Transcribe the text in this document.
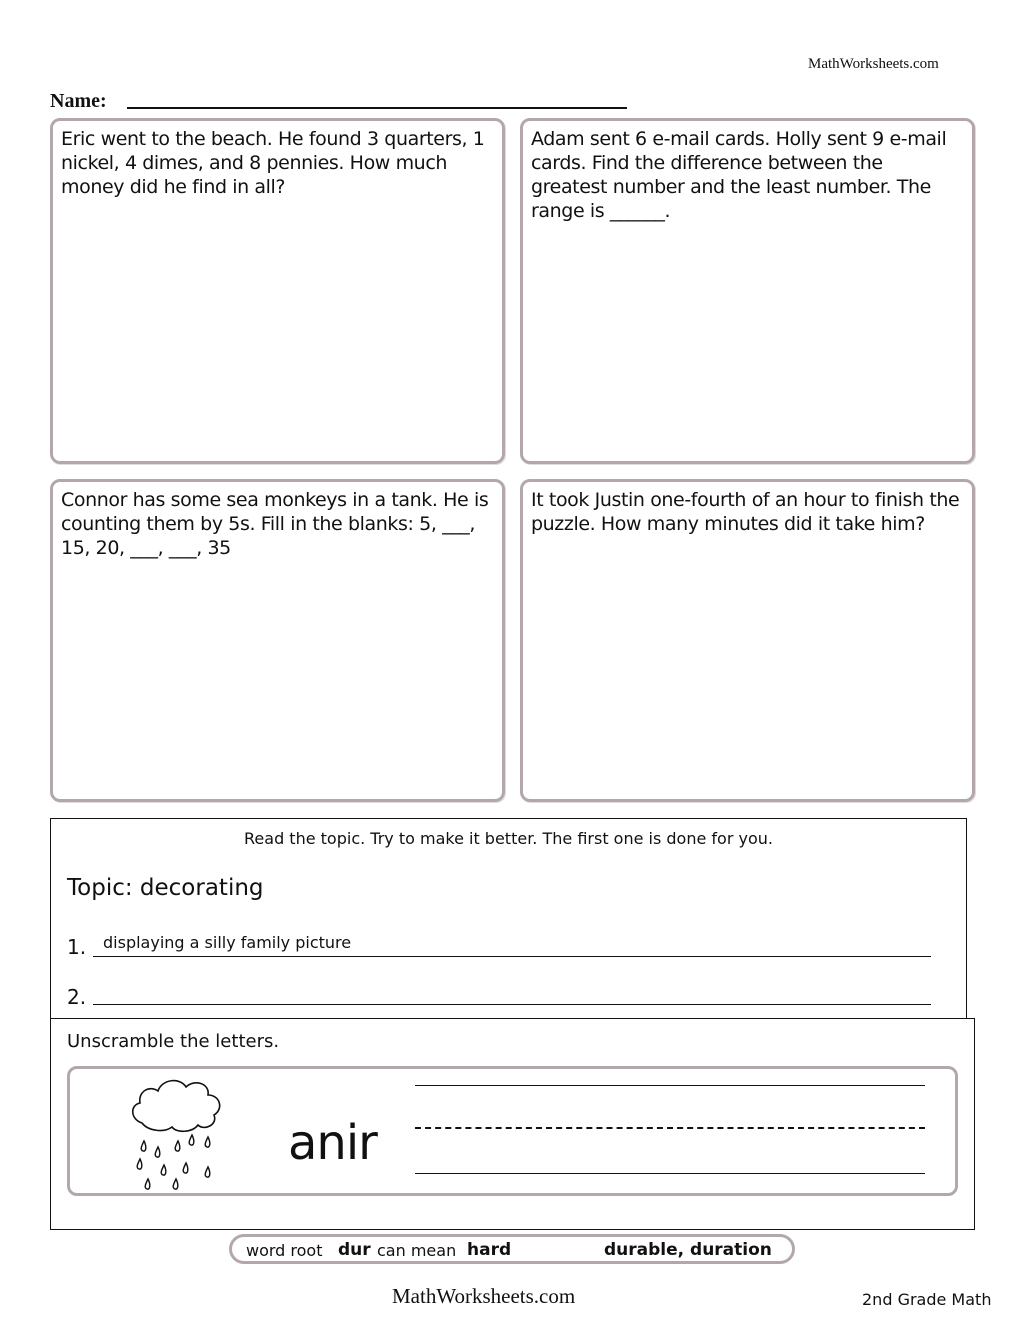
MathWorksheets.com
Name:
Eric went to the beach. He found 3 quarters, 1 nickel, 4 dimes, and 8 pennies. How much money did he find in all?
Adam sent 6 e-mail cards. Holly sent 9 e-mail cards. Find the difference between the greatest number and the least number. The range is ______.
Connor has some sea monkeys in a tank. He is counting them by 5s. Fill in the blanks: 5, ___, 15, 20, ___, ___, 35
It took Justin one-fourth of an hour to finish the puzzle. How many minutes did it take him?
Read the topic. Try to make it better. The first one is done for you.
Topic: decorating
1. displaying a silly family picture
2.
Unscramble the letters.
anir
word root dur can mean hard	durable, duration
MathWorksheets.com	2nd Grade Math
